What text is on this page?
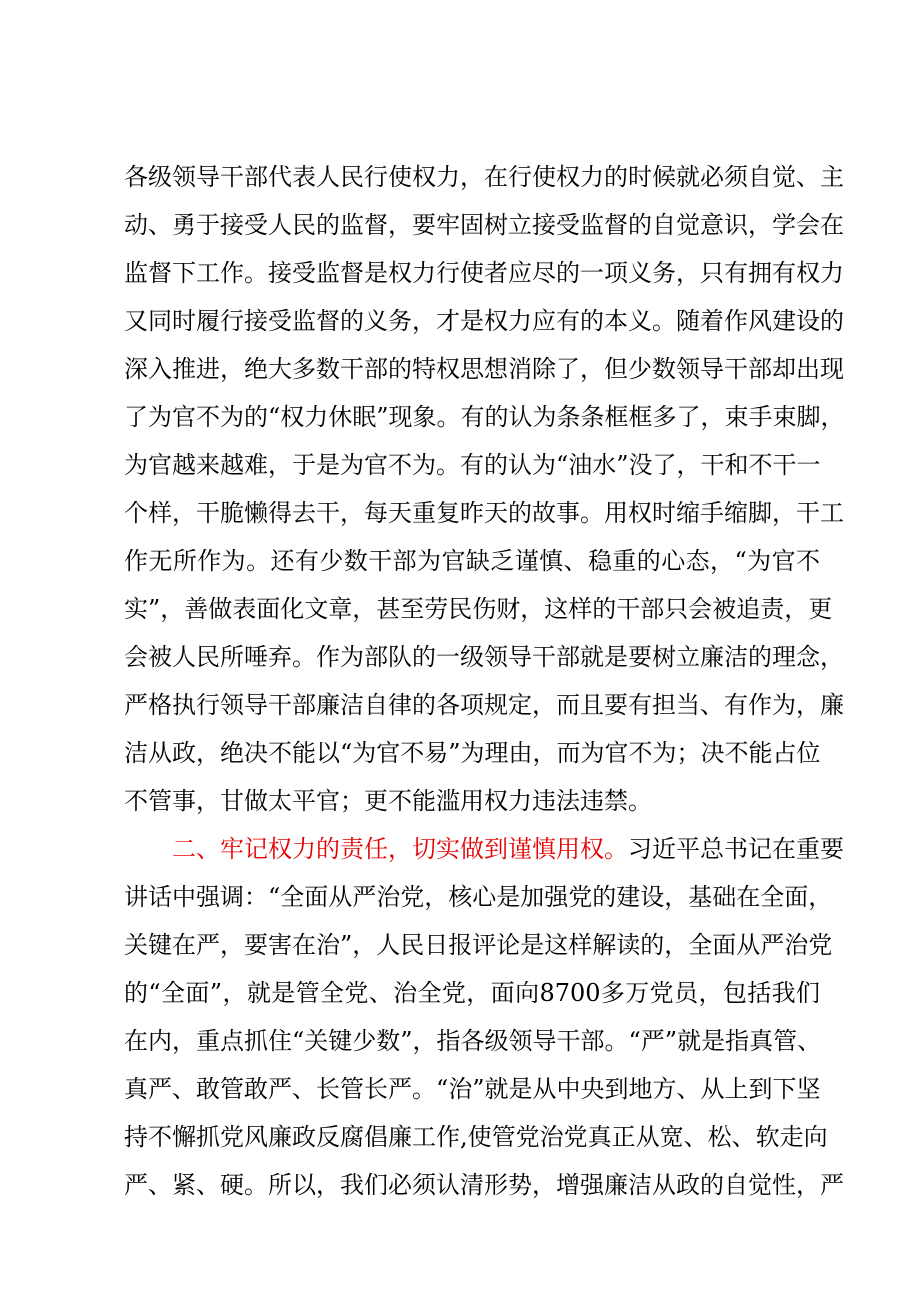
各级领导干部代表人民行使权力，在行使权力的时候就必须自觉、主
动、勇于接受人民的监督，要牢固树立接受监督的自觉意识，学会在
监督下工作。接受监督是权力行使者应尽的一项义务，只有拥有权力
又同时履行接受监督的义务，才是权力应有的本义。随着作风建设的
深入推进，绝大多数干部的特权思想消除了，但少数领导干部却出现
了为官不为的“权力休眠”现象。有的认为条条框框多了，束手束脚，
为官越来越难，于是为官不为。有的认为“油水”没了，干和不干一
个样，干脆懒得去干，每天重复昨天的故事。用权时缩手缩脚，干工
作无所作为。还有少数干部为官缺乏谨慎、稳重的心态，“为官不
实”，善做表面化文章，甚至劳民伤财，这样的干部只会被追责，更
会被人民所唾弃。作为部队的一级领导干部就是要树立廉洁的理念，
严格执行领导干部廉洁自律的各项规定，而且要有担当、有作为，廉
洁从政，绝决不能以“为官不易”为理由，而为官不为；决不能占位
不管事，甘做太平官；更不能滥用权力违法违禁。
二、牢记权力的责任，切实做到谨慎用权。习近平总书记在重要
讲话中强调：“全面从严治党，核心是加强党的建设，基础在全面，
关键在严，要害在治”，人民日报评论是这样解读的，全面从严治党
的“全面”，就是管全党、治全党，面向8700多万党员，包括我们
在内，重点抓住“关键少数”，指各级领导干部。“严”就是指真管、
真严、敢管敢严、长管长严。“治”就是从中央到地方、从上到下坚
持不懈抓党风廉政反腐倡廉工作,使管党治党真正从宽、松、软走向
严、紧、硬。所以，我们必须认清形势，增强廉洁从政的自觉性，严
